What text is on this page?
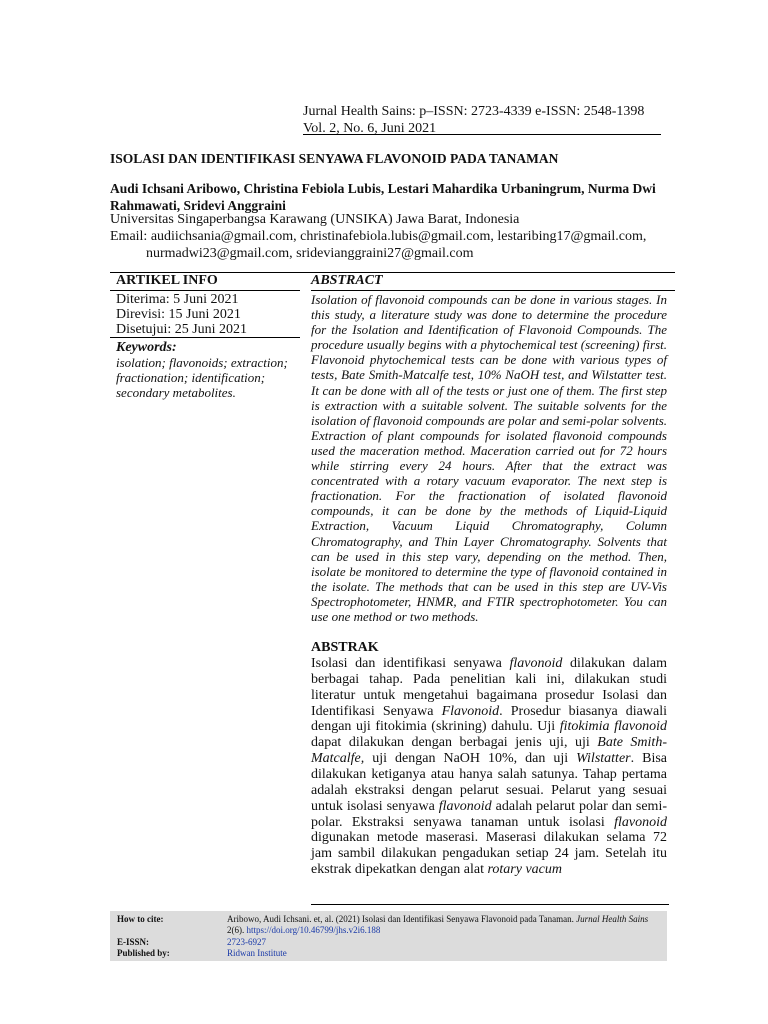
Jurnal Health Sains: p–ISSN: 2723-4339 e-ISSN: 2548-1398
Vol. 2, No. 6, Juni 2021
ISOLASI DAN IDENTIFIKASI SENYAWA FLAVONOID PADA TANAMAN
Audi Ichsani Aribowo, Christina Febiola Lubis, Lestari Mahardika Urbaningrum, Nurma Dwi Rahmawati, Sridevi Anggraini
Universitas Singaperbangsa Karawang (UNSIKA) Jawa Barat, Indonesia
Email: audiichsania@gmail.com, christinafebiola.lubis@gmail.com, lestaribing17@gmail.com,
nurmadwi23@gmail.com, sridevianggraini27@gmail.com
ARTIKEL INFO
Diterima: 5 Juni 2021
Direvisi: 15 Juni 2021
Disetujui: 25 Juni 2021
Keywords:
isolation; flavonoids; extraction; fractionation; identification; secondary metabolites.
ABSTRACT
Isolation of flavonoid compounds can be done in various stages. In this study, a literature study was done to determine the procedure for the Isolation and Identification of Flavonoid Compounds. The procedure usually begins with a phytochemical test (screening) first. Flavonoid phytochemical tests can be done with various types of tests, Bate Smith-Matcalfe test, 10% NaOH test, and Wilstatter test. It can be done with all of the tests or just one of them. The first step is extraction with a suitable solvent. The suitable solvents for the isolation of flavonoid compounds are polar and semi-polar solvents. Extraction of plant compounds for isolated flavonoid compounds used the maceration method. Maceration carried out for 72 hours while stirring every 24 hours. After that the extract was concentrated with a rotary vacuum evaporator. The next step is fractionation. For the fractionation of isolated flavonoid compounds, it can be done by the methods of Liquid-Liquid Extraction, Vacuum Liquid Chromatography, Column Chromatography, and Thin Layer Chromatography. Solvents that can be used in this step vary, depending on the method. Then, isolate be monitored to determine the type of flavonoid contained in the isolate. The methods that can be used in this step are UV-Vis Spectrophotometer, HNMR, and FTIR spectrophotometer. You can use one method or two methods.
ABSTRAK
Isolasi dan identifikasi senyawa flavonoid dilakukan dalam berbagai tahap. Pada penelitian kali ini, dilakukan studi literatur untuk mengetahui bagaimana prosedur Isolasi dan Identifikasi Senyawa Flavonoid. Prosedur biasanya diawali dengan uji fitokimia (skrining) dahulu. Uji fitokimia flavonoid dapat dilakukan dengan berbagai jenis uji, uji Bate Smith-Matcalfe, uji dengan NaOH 10%, dan uji Wilstatter. Bisa dilakukan ketiganya atau hanya salah satunya. Tahap pertama adalah ekstraksi dengan pelarut sesuai. Pelarut yang sesuai untuk isolasi senyawa flavonoid adalah pelarut polar dan semi-polar. Ekstraksi senyawa tanaman untuk isolasi flavonoid digunakan metode maserasi. Maserasi dilakukan selama 72 jam sambil dilakukan pengadukan setiap 24 jam. Setelah itu ekstrak dipekatkan dengan alat rotary vacum
How to cite:	Aribowo, Audi Ichsani. et, al. (2021) Isolasi dan Identifikasi Senyawa Flavonoid pada Tanaman. Jurnal Health Sains 2(6). https://doi.org/10.46799/jhs.v2i6.188
E-ISSN:	2723-6927
Published by:	Ridwan Institute
